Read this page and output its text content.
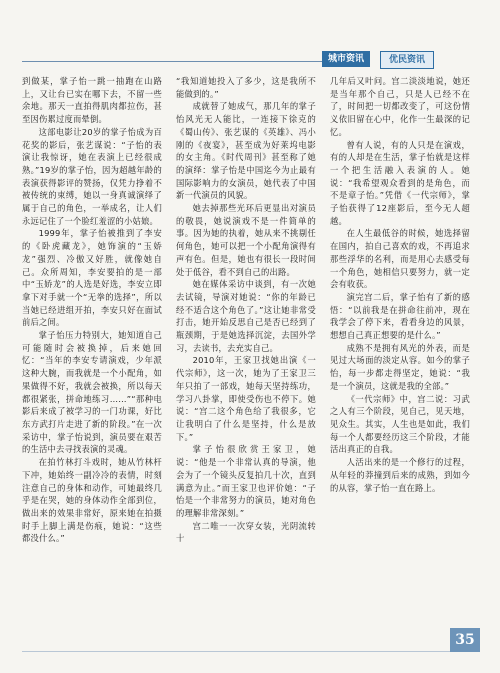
城市资讯	优民资讯

到做某，掌子怡一跳一抽跑在山路上，又让台已实在哪下去，不留一些余地。那天一直拍得肌肉都拉伤，甚至因伤累过度而晕倒。

这部电影让20岁的掌子怡成为百花奖的影后，张艺谋说：“子怡的表演让我惊讶，她在表演上已经很成熟。”19岁的掌子怡，因为超越年龄的表演获得影评的赞扬，仅凭力挣着不被传统的束缚，她以一身真诚演绎了属于自己的角色，一举成名，让人们永远记住了一个脸红羞涩的小姑娘。

1999年，掌子怡被推到了李安的《卧虎藏龙》，她饰演的“玉娇龙”强烈、冷傲又好胜，就像她自己。众所周知，李安要拍的是一部中“玉娇龙”的人选是好选，李安立即拿下对手就一个“无拳的选择”，所以当她已经进组开拍，李安只好在面试前后之间。

掌子怡压力特别大，她知道自己可能随时会被换掉，后来她回忆：“当年的李安专请演戏，少年派这种大腕，而我就是一个小配角，如果做得不好，我就会被换，所以每天都很紧张，拼命地练习……”“那种电影后来成了被学习的一门功课，好比东方武打片走进了新的阶段。”在一次采访中，掌子怡说到，演员要在艰苦的生活中去寻找表演的灵魂。

在拍竹林打斗戏时，她从竹林杆下冲，她始终一副冷冷的表情，时刻注意自己的身体和动作，可她最终几乎是在哭，她的身体动作全部到位，做出来的效果非常好，原来她在拍摄时手上脚上满是伤痕，她说：“这些都没什么。”

“我知道她投入了多少，这是我所不能做到的。”

成就替了她成气，那几年的掌子怡风光无人能比，一连接下徐克的《蜀山传》、张艺谋的《英雄》、冯小刚的《夜宴》，甚至成为好莱坞电影的女主角。《时代周刊》甚至称了她的演绎：掌子怡是中国迄今为止最有国际影响力的女演员，她代表了中国新一代演员的风貌。

她去掉那些光环后更显出对演员的敬畏，她说演戏不是一件简单的事。因为她的执着，她从来不挑剔任何角色，她可以把一个小配角演得有声有色。但是，她也有很长一段时间处于低谷，看不到自己的出路。

她在媒体采访中谈到，有一次她去试镜，导演对她说：“你的年龄已经不适合这个角色了。”这让她非常受打击，她开始反思自己是否已经到了瓶颈期，于是她选择沉淀，去国外学习，去读书，去充实自己。

2010年，王家卫找她出演《一代宗师》，这一次，她为了王家卫三年只拍了一部戏，她每天坚持练功，学习八卦掌，即使受伤也不停下。她说：“宫二这个角色给了我很多，它让我明白了什么是坚持，什么是放下。”

掌子怡很欣赏王家卫，她说：“他是一个非常认真的导演，他会为了一个镜头反复拍几十次，直到满意为止。”而王家卫也评价她：“子怡是一个非常努力的演员，她对角色的理解非常深刻。”

宫二唯一一次穿女装，光阴流转十

几年后又叶问。宫二淡淡地说，她还是当年那个自己，只是人已经不在了，时间把一切都改变了，可这份情义依旧留在心中，化作一生最深的记忆。

曾有人说，有的人只是在演戏，有的人却是在生活，掌子怡就是这样一个把生活融入表演的人。她说：“我希望观众看到的是角色，而不是章子怡。”凭借《一代宗师》，掌子怡获得了12座影后，至今无人超越。

在人生最低谷的时候，她选择留在国内，拍自己喜欢的戏，不再追求那些浮华的名利，而是用心去感受每一个角色，她相信只要努力，就一定会有收获。

演完宫二后，掌子怡有了新的感悟：“以前我是在拼命往前冲，现在我学会了停下来，看看身边的风景，想想自己真正想要的是什么。”

成熟不是拥有风光的外表，而是见过大场面的淡定从容。如今的掌子怡，每一步都走得坚定，她说：“我是一个演员，这就是我的全部。”

《一代宗师》中，宫二说：习武之人有三个阶段，见自己，见天地，见众生。其实，人生也是如此，我们每一个人都要经历这三个阶段，才能活出真正的自我。

人活出来的是一个修行的过程，从年轻的莽撞到后来的成熟，到如今的从容，掌子怡一直在路上。

35
